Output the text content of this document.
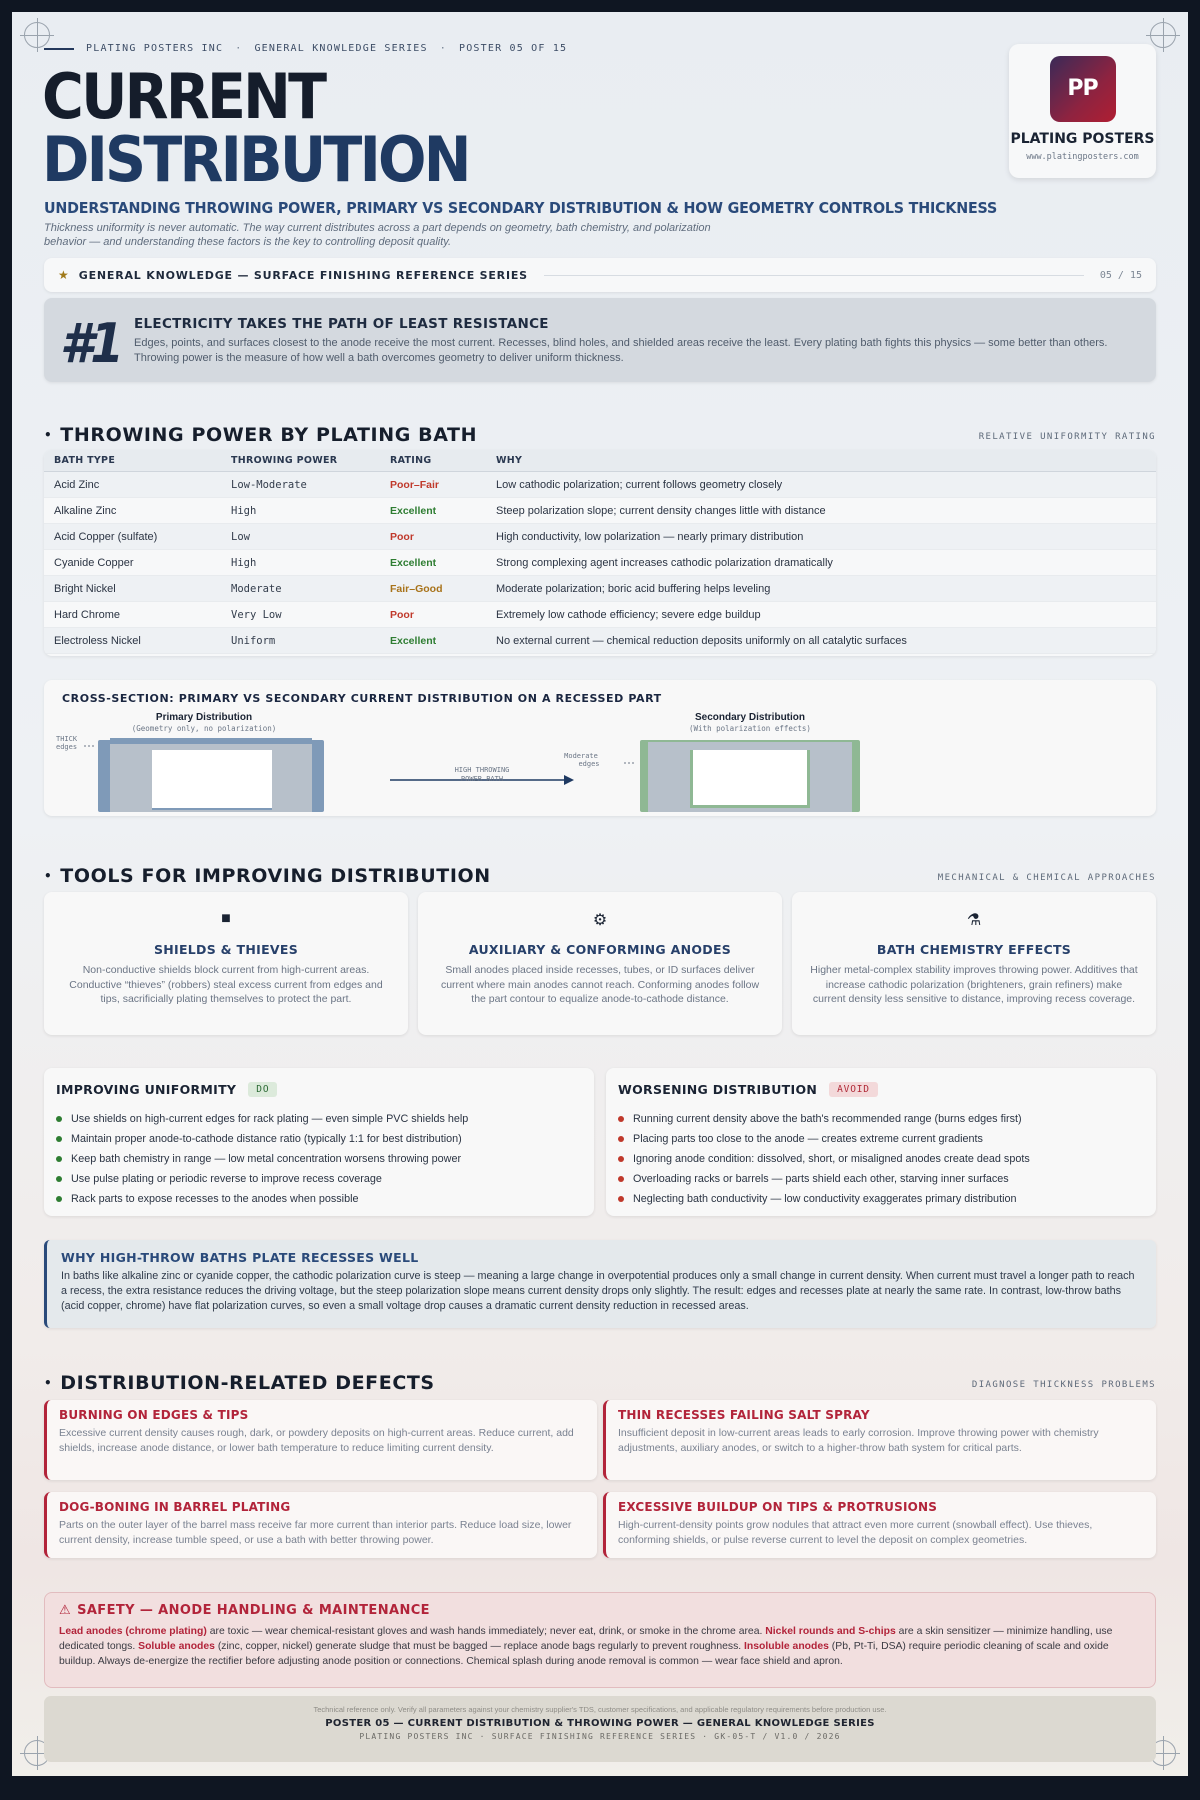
PLATING POSTERS INC · GENERAL KNOWLEDGE SERIES · POSTER 05 OF 15
CURRENT
DISTRIBUTION
UNDERSTANDING THROWING POWER, PRIMARY VS SECONDARY DISTRIBUTION & HOW GEOMETRY CONTROLS THICKNESS
Thickness uniformity is never automatic. The way current distributes across a part depends on geometry, bath chemistry, and polarization behavior — and understanding these factors is the key to controlling deposit quality.
PP
PLATING POSTERS
www.platingposters.com
★ GENERAL KNOWLEDGE — SURFACE FINISHING REFERENCE SERIES	05 / 15
#1 ELECTRICITY TAKES THE PATH OF LEAST RESISTANCE
Edges, points, and surfaces closest to the anode receive the most current. Recesses, blind holes, and shielded areas receive the least. Every plating bath fights this physics — some better than others. Throwing power is the measure of how well a bath overcomes geometry to deliver uniform thickness.
• THROWING POWER BY PLATING BATH	RELATIVE UNIFORMITY RATING
BATH TYPE	THROWING POWER	RATING	WHY
Acid Zinc	Low-Moderate	Poor–Fair	Low cathodic polarization; current follows geometry closely
Alkaline Zinc	High	Excellent	Steep polarization slope; current density changes little with distance
Acid Copper (sulfate)	Low	Poor	High conductivity, low polarization — nearly primary distribution
Cyanide Copper	High	Excellent	Strong complexing agent increases cathodic polarization dramatically
Bright Nickel	Moderate	Fair–Good	Moderate polarization; boric acid buffering helps leveling
Hard Chrome	Very Low	Poor	Extremely low cathode efficiency; severe edge buildup
Electroless Nickel	Uniform	Excellent	No external current — chemical reduction deposits uniformly on all catalytic surfaces
CROSS-SECTION: PRIMARY VS SECONDARY CURRENT DISTRIBUTION ON A RECESSED PART
Primary Distribution
(Geometry only, no polarization)
THICK
edges
HIGH THROWING
POWER BATH
Secondary Distribution
(With polarization effects)
Moderate
edges
• TOOLS FOR IMPROVING DISTRIBUTION	MECHANICAL & CHEMICAL APPROACHES
■
SHIELDS & THIEVES
Non-conductive shields block current from high-current areas. Conductive “thieves” (robbers) steal excess current from edges and tips, sacrificially plating themselves to protect the part.
⚙
AUXILIARY & CONFORMING ANODES
Small anodes placed inside recesses, tubes, or ID surfaces deliver current where main anodes cannot reach. Conforming anodes follow the part contour to equalize anode-to-cathode distance.
⚗
BATH CHEMISTRY EFFECTS
Higher metal-complex stability improves throwing power. Additives that increase cathodic polarization (brighteners, grain refiners) make current density less sensitive to distance, improving recess coverage.
IMPROVING UNIFORMITY	DO
Use shields on high-current edges for rack plating — even simple PVC shields help
Maintain proper anode-to-cathode distance ratio (typically 1:1 for best distribution)
Keep bath chemistry in range — low metal concentration worsens throwing power
Use pulse plating or periodic reverse to improve recess coverage
Rack parts to expose recesses to the anodes when possible
WORSENING DISTRIBUTION	AVOID
Running current density above the bath's recommended range (burns edges first)
Placing parts too close to the anode — creates extreme current gradients
Ignoring anode condition: dissolved, short, or misaligned anodes create dead spots
Overloading racks or barrels — parts shield each other, starving inner surfaces
Neglecting bath conductivity — low conductivity exaggerates primary distribution
WHY HIGH-THROW BATHS PLATE RECESSES WELL
In baths like alkaline zinc or cyanide copper, the cathodic polarization curve is steep — meaning a large change in overpotential produces only a small change in current density. When current must travel a longer path to reach a recess, the extra resistance reduces the driving voltage, but the steep polarization slope means current density drops only slightly. The result: edges and recesses plate at nearly the same rate. In contrast, low-throw baths (acid copper, chrome) have flat polarization curves, so even a small voltage drop causes a dramatic current density reduction in recessed areas.
• DISTRIBUTION-RELATED DEFECTS	DIAGNOSE THICKNESS PROBLEMS
BURNING ON EDGES & TIPS
Excessive current density causes rough, dark, or powdery deposits on high-current areas. Reduce current, add shields, increase anode distance, or lower bath temperature to reduce limiting current density.
THIN RECESSES FAILING SALT SPRAY
Insufficient deposit in low-current areas leads to early corrosion. Improve throwing power with chemistry adjustments, auxiliary anodes, or switch to a higher-throw bath system for critical parts.
DOG-BONING IN BARREL PLATING
Parts on the outer layer of the barrel mass receive far more current than interior parts. Reduce load size, lower current density, increase tumble speed, or use a bath with better throwing power.
EXCESSIVE BUILDUP ON TIPS & PROTRUSIONS
High-current-density points grow nodules that attract even more current (snowball effect). Use thieves, conforming shields, or pulse reverse current to level the deposit on complex geometries.
⚠ SAFETY — ANODE HANDLING & MAINTENANCE
Lead anodes (chrome plating) are toxic — wear chemical-resistant gloves and wash hands immediately; never eat, drink, or smoke in the chrome area. Nickel rounds and S-chips are a skin sensitizer — minimize handling, use dedicated tongs. Soluble anodes (zinc, copper, nickel) generate sludge that must be bagged — replace anode bags regularly to prevent roughness. Insoluble anodes (Pb, Pt-Ti, DSA) require periodic cleaning of scale and oxide buildup. Always de-energize the rectifier before adjusting anode position or connections. Chemical splash during anode removal is common — wear face shield and apron.
Technical reference only. Verify all parameters against your chemistry supplier's TDS, customer specifications, and applicable regulatory requirements before production use.
POSTER 05 — CURRENT DISTRIBUTION & THROWING POWER — GENERAL KNOWLEDGE SERIES
PLATING POSTERS INC · SURFACE FINISHING REFERENCE SERIES · GK-05-T / V1.0 / 2026
